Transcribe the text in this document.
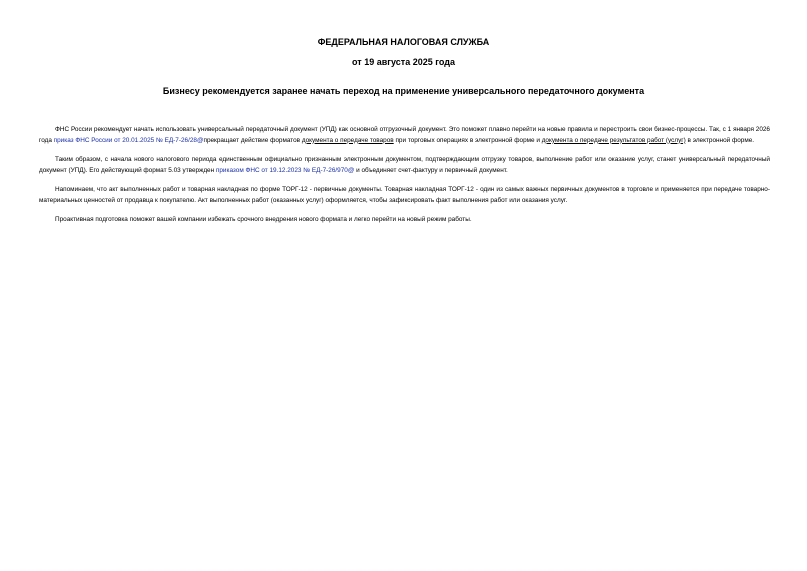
ФЕДЕРАЛЬНАЯ НАЛОГОВАЯ СЛУЖБА
от 19 августа 2025 года
Бизнесу рекомендуется заранее начать переход на применение универсального передаточного документа

ФНС России рекомендует начать использовать универсальный передаточный документ (УПД) как основной отгрузочный документ. Это поможет плавно перейти на новые правила и перестроить свои бизнес-процессы. Так, с 1 января 2026 года приказ ФНС России от 20.01.2025 № ЕД-7-26/28@прекращает действие форматов документа о передаче товаров при торговых операциях в электронной форме и документа о передаче результатов работ (услуг) в электронной форме.

Таким образом, с начала нового налогового периода единственным официально признанным электронным документом, подтверждающим отгрузку товаров, выполнение работ или оказание услуг, станет универсальный передаточный документ (УПД). Его действующий формат 5.03 утвержден приказом ФНС от 19.12.2023 № ЕД-7-26/970@ и объединяет счет-фактуру и первичный документ.

Напоминаем, что акт выполненных работ и товарная накладная по форме ТОРГ-12 - первичные документы. Товарная накладная ТОРГ-12 - один из самых важных первичных документов в торговле и применяется при передаче товарно-материальных ценностей от продавца к покупателю. Акт выполненных работ (оказанных услуг) оформляется, чтобы зафиксировать факт выполнения работ или оказания услуг.

Проактивная подготовка поможет вашей компании избежать срочного внедрения нового формата и легко перейти на новый режим работы.
